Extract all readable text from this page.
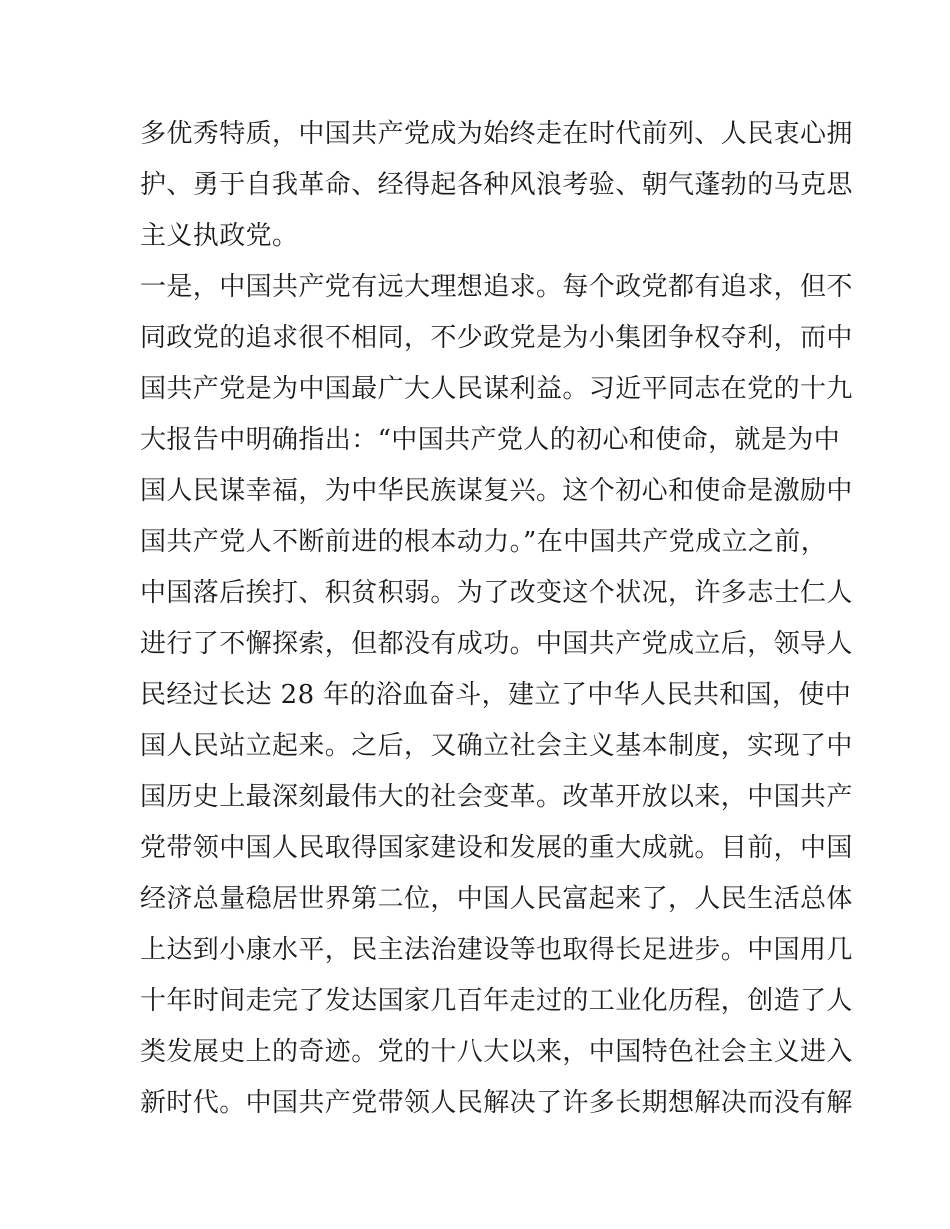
多优秀特质，中国共产党成为始终走在时代前列、人民衷心拥
护、勇于自我革命、经得起各种风浪考验、朝气蓬勃的马克思
主义执政党。
一是，中国共产党有远大理想追求。每个政党都有追求，但不
同政党的追求很不相同，不少政党是为小集团争权夺利，而中
国共产党是为中国最广大人民谋利益。习近平同志在党的十九
大报告中明确指出：“中国共产党人的初心和使命，就是为中
国人民谋幸福，为中华民族谋复兴。这个初心和使命是激励中
国共产党人不断前进的根本动力。”在中国共产党成立之前，
中国落后挨打、积贫积弱。为了改变这个状况，许多志士仁人
进行了不懈探索，但都没有成功。中国共产党成立后，领导人
民经过长达 28 年的浴血奋斗，建立了中华人民共和国，使中
国人民站立起来。之后，又确立社会主义基本制度，实现了中
国历史上最深刻最伟大的社会变革。改革开放以来，中国共产
党带领中国人民取得国家建设和发展的重大成就。目前，中国
经济总量稳居世界第二位，中国人民富起来了，人民生活总体
上达到小康水平，民主法治建设等也取得长足进步。中国用几
十年时间走完了发达国家几百年走过的工业化历程，创造了人
类发展史上的奇迹。党的十八大以来，中国特色社会主义进入
新时代。中国共产党带领人民解决了许多长期想解决而没有解
